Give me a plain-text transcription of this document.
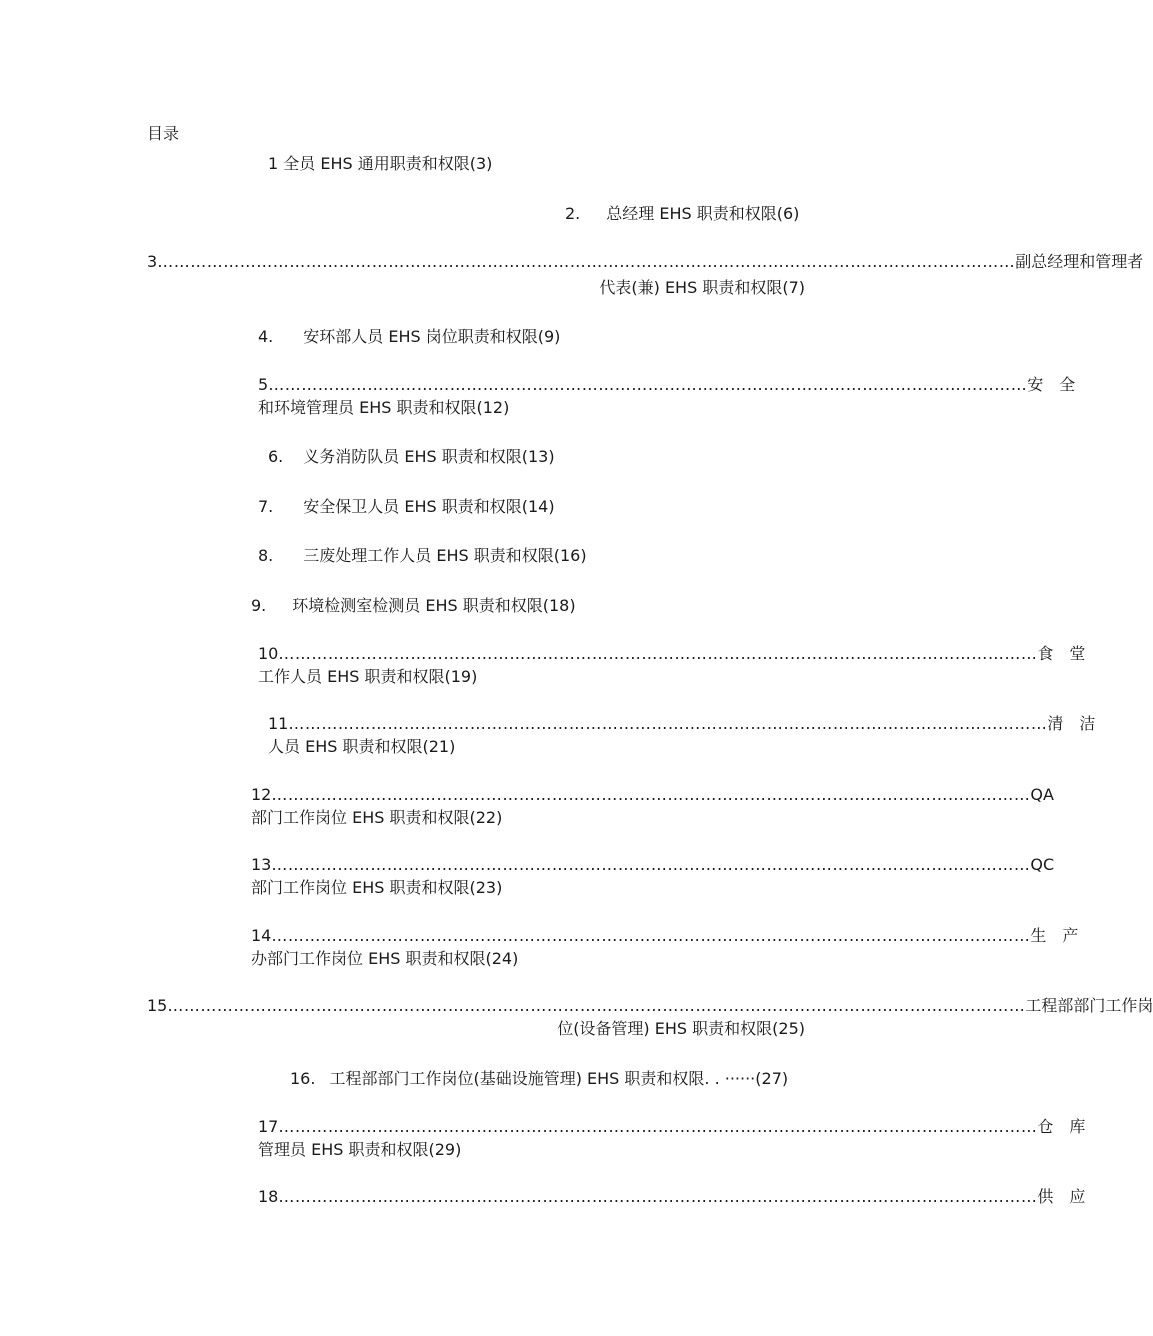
目录
1 全员 EHS 通用职责和权限(3)
2. 总经理 EHS 职责和权限(6)
3 ………………………………………………………………………………………………………………………………………… 副总经理和管理者
代表(兼) EHS 职责和权限(7)
4. 安环部人员 EHS 岗位职责和权限(9)
5 ………………………………………………………………………………………………………………………… 安 全
和环境管理员 EHS 职责和权限(12)
6. 义务消防队员 EHS 职责和权限(13)
7. 安全保卫人员 EHS 职责和权限(14)
8. 三废处理工作人员 EHS 职责和权限(16)
9. 环境检测室检测员 EHS 职责和权限(18)
10 ………………………………………………………………………………………………………………………… 食 堂
工作人员 EHS 职责和权限(19)
11 ………………………………………………………………………………………………………………………… 清 洁
人员 EHS 职责和权限(21)
12 ………………………………………………………………………………………………………………………… QA
部门工作岗位 EHS 职责和权限(22)
13 ………………………………………………………………………………………………………………………… QC
部门工作岗位 EHS 职责和权限(23)
14 ………………………………………………………………………………………………………………………… 生 产
办部门工作岗位 EHS 职责和权限(24)
15 ………………………………………………………………………………………………………………………………………… 工程部部门工作岗
位(设备管理) EHS 职责和权限(25)
16. 工程部部门工作岗位(基础设施管理) EHS 职责和权限. . ······(27)
17 ………………………………………………………………………………………………………………………… 仓 库
管理员 EHS 职责和权限(29)
18 ………………………………………………………………………………………………………………………… 供 应
